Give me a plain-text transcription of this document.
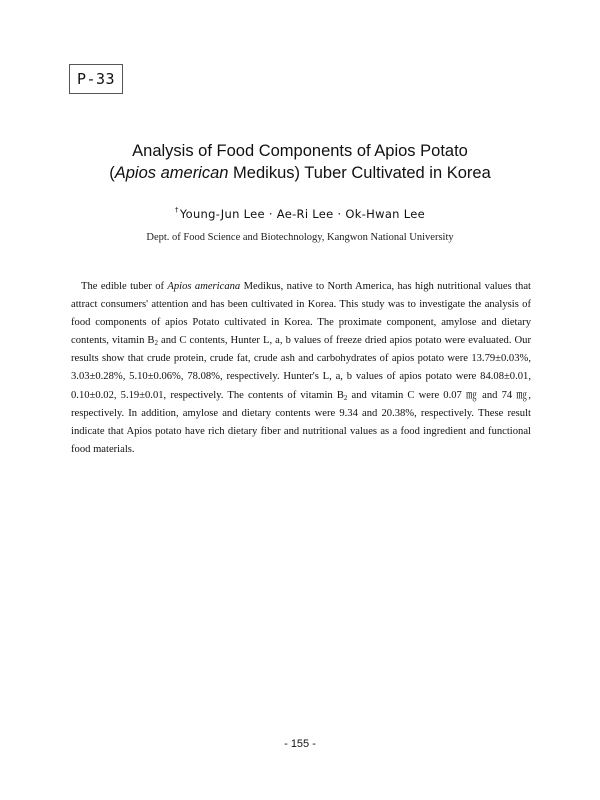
P-33
Analysis of Food Components of Apios Potato
(Apios american Medikus) Tuber Cultivated in Korea
†Young-Jun Lee · Ae-Ri Lee · Ok-Hwan Lee
Dept. of Food Science and Biotechnology, Kangwon National University

The edible tuber of Apios americana Medikus, native to North America, has high nutritional values that attract consumers' attention and has been cultivated in Korea. This study was to investigate the analysis of food components of apios Potato cultivated in Korea. The proximate component, amylose and dietary contents, vitamin $B_2$ and C contents, Hunter L, a, b values of freeze dried apios potato were evaluated. Our results show that crude protein, crude fat, crude ash and carbohydrates of apios potato were 13.79±0.03%, 3.03±0.28%, 5.10±0.06%, 78.08%, respectively. Hunter's L, a, b values of apios potato were 84.08±0.01, 0.10±0.02, 5.19±0.01, respectively. The contents of vitamin $B_2$ and vitamin C were 0.07 ㎎ and 74 ㎎, respectively. In addition, amylose and dietary contents were 9.34 and 20.38%, respectively. These result indicate that Apios potato have rich dietary fiber and nutritional values as a food ingredient and functional food materials.

- 155 -
